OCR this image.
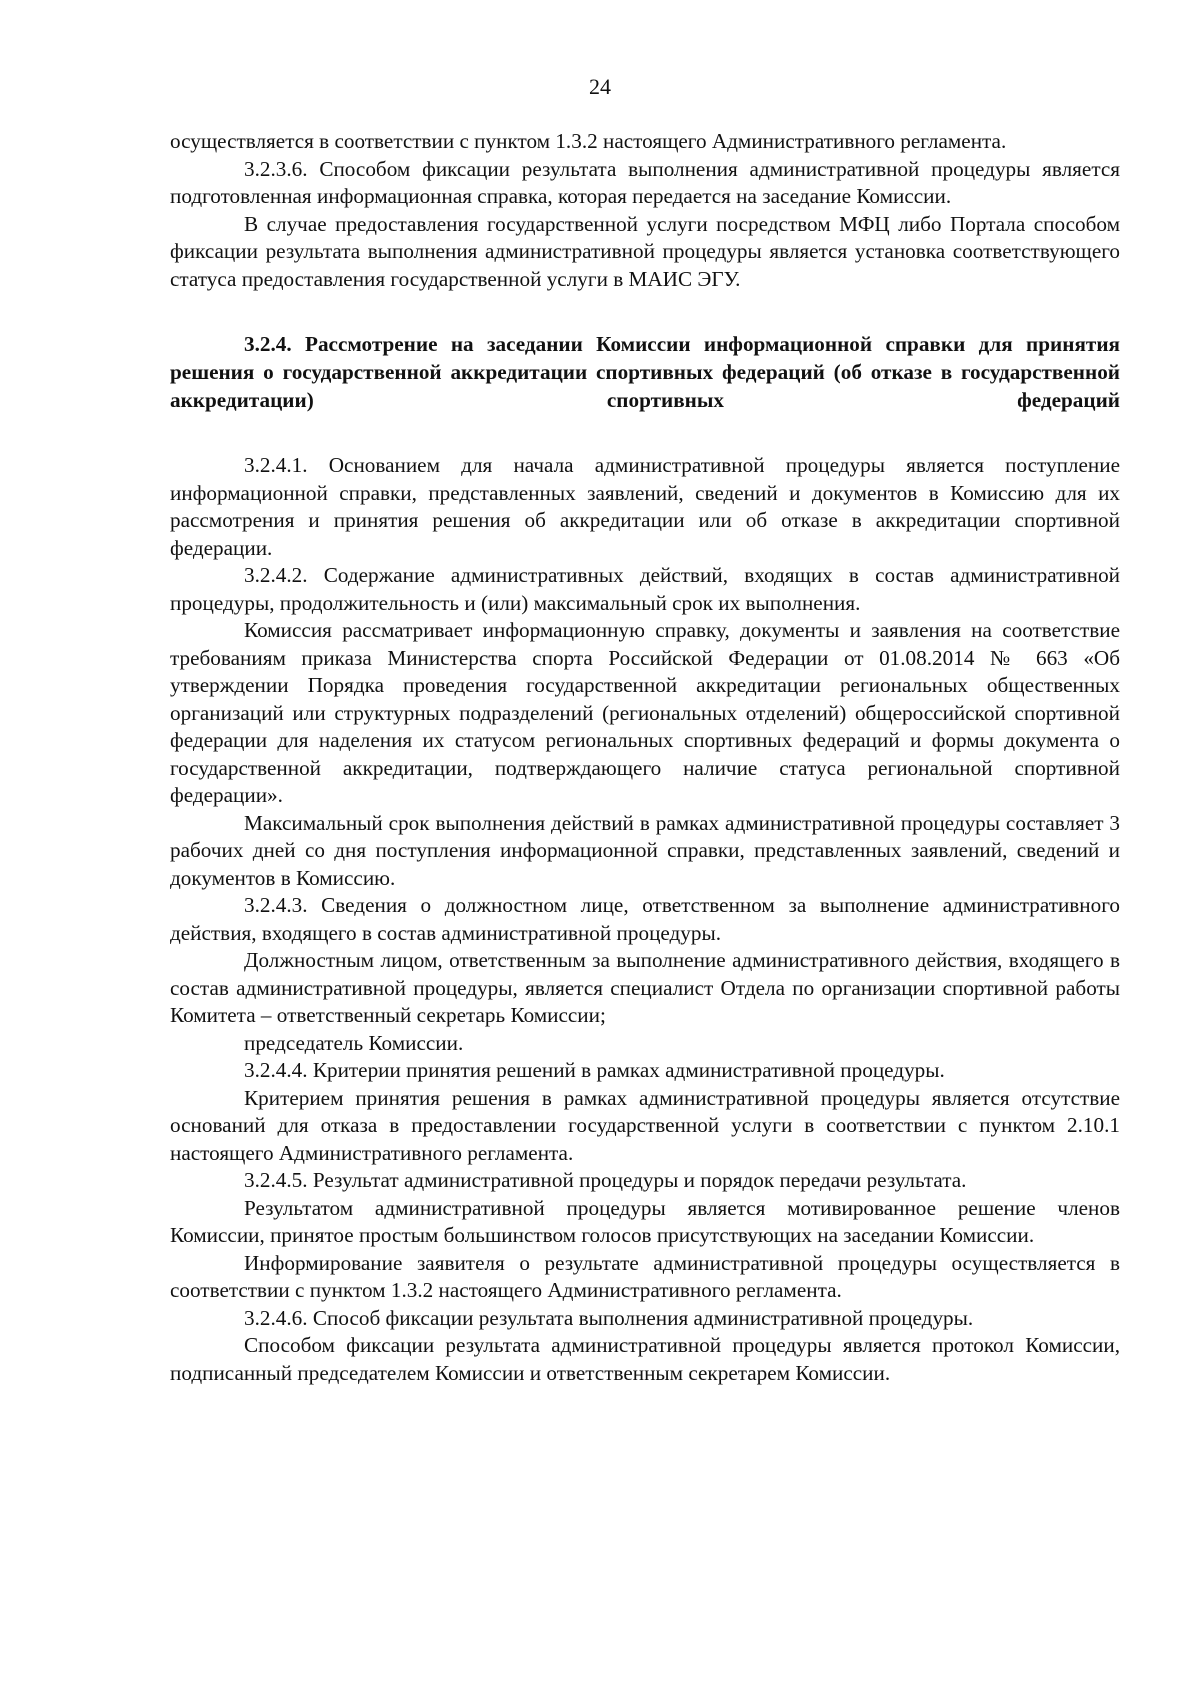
24

осуществляется в соответствии с пунктом 1.3.2 настоящего Административного регламента.

3.2.3.6. Способом фиксации результата выполнения административной процедуры является подготовленная информационная справка, которая передается на заседание Комиссии.

В случае предоставления государственной услуги посредством МФЦ либо Портала способом фиксации результата выполнения административной процедуры является установка соответствующего статуса предоставления государственной услуги в МАИС ЭГУ.

3.2.4. Рассмотрение на заседании Комиссии информационной справки для принятия решения о государственной аккредитации спортивных федераций (об отказе в государственной аккредитации) спортивных федераций

3.2.4.1. Основанием для начала административной процедуры является поступление информационной справки, представленных заявлений, сведений и документов в Комиссию для их рассмотрения и принятия решения об аккредитации или об отказе в аккредитации спортивной федерации.

3.2.4.2. Содержание административных действий, входящих в состав административной процедуры, продолжительность и (или) максимальный срок их выполнения.

Комиссия рассматривает информационную справку, документы и заявления на соответствие требованиям приказа Министерства спорта Российской Федерации от 01.08.2014 № 663 «Об утверждении Порядка проведения государственной аккредитации региональных общественных организаций или структурных подразделений (региональных отделений) общероссийской спортивной федерации для наделения их статусом региональных спортивных федераций и формы документа о государственной аккредитации, подтверждающего наличие статуса региональной спортивной федерации».

Максимальный срок выполнения действий в рамках административной процедуры составляет 3 рабочих дней со дня поступления информационной справки, представленных заявлений, сведений и документов в Комиссию.

3.2.4.3. Сведения о должностном лице, ответственном за выполнение административного действия, входящего в состав административной процедуры.

Должностным лицом, ответственным за выполнение административного действия, входящего в состав административной процедуры, является специалист Отдела по организации спортивной работы Комитета – ответственный секретарь Комиссии;

председатель Комиссии.

3.2.4.4. Критерии принятия решений в рамках административной процедуры.

Критерием принятия решения в рамках административной процедуры является отсутствие оснований для отказа в предоставлении государственной услуги в соответствии с пунктом 2.10.1 настоящего Административного регламента.

3.2.4.5. Результат административной процедуры и порядок передачи результата.

Результатом административной процедуры является мотивированное решение членов Комиссии, принятое простым большинством голосов присутствующих на заседании Комиссии.

Информирование заявителя о результате административной процедуры осуществляется в соответствии с пунктом 1.3.2 настоящего Административного регламента.

3.2.4.6. Способ фиксации результата выполнения административной процедуры.

Способом фиксации результата административной процедуры является протокол Комиссии, подписанный председателем Комиссии и ответственным секретарем Комиссии.
